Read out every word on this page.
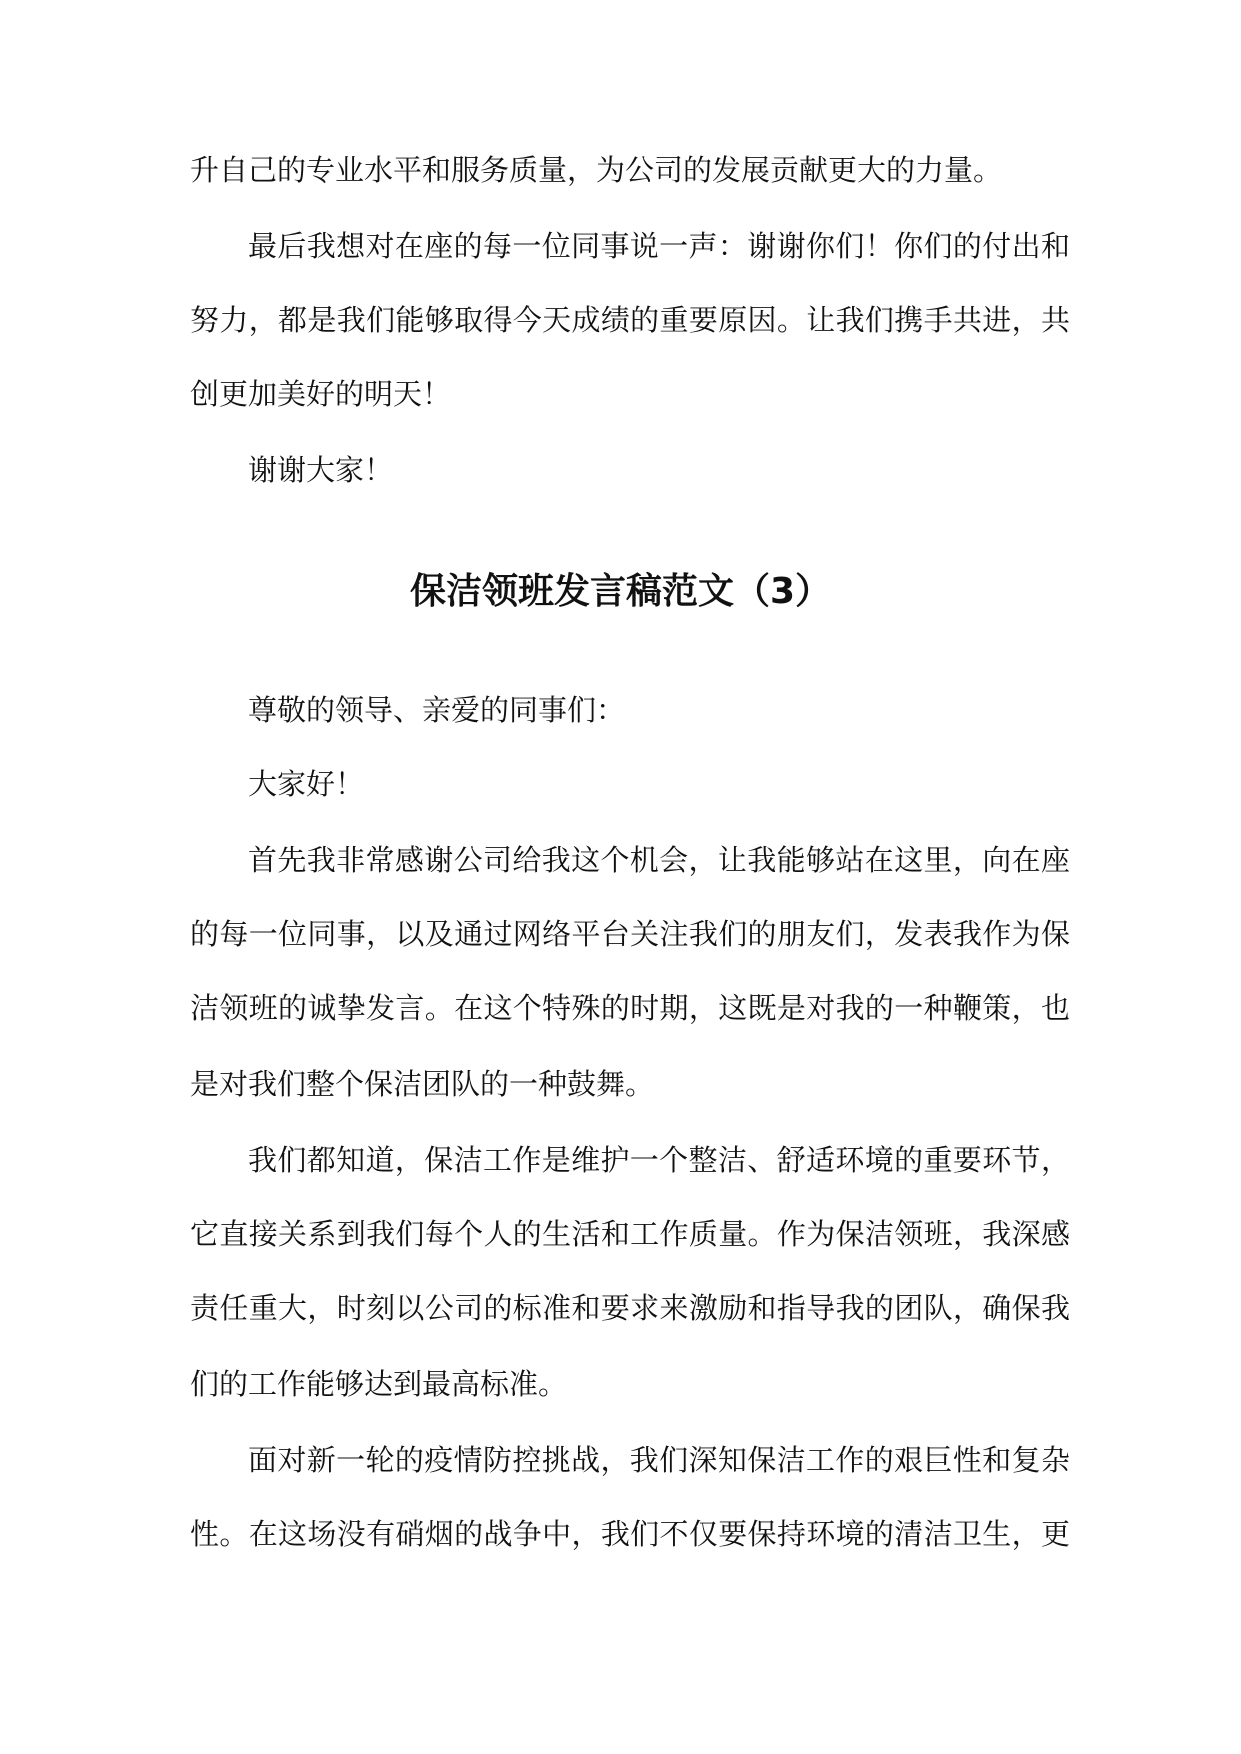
升自己的专业水平和服务质量，为公司的发展贡献更大的力量。
最后我想对在座的每一位同事说一声：谢谢你们！你们的付出和
努力，都是我们能够取得今天成绩的重要原因。让我们携手共进，共
创更加美好的明天！
谢谢大家！
保洁领班发言稿范文（3）
尊敬的领导、亲爱的同事们：
大家好！
首先我非常感谢公司给我这个机会，让我能够站在这里，向在座
的每一位同事，以及通过网络平台关注我们的朋友们，发表我作为保
洁领班的诚挚发言。在这个特殊的时期，这既是对我的一种鞭策，也
是对我们整个保洁团队的一种鼓舞。
我们都知道，保洁工作是维护一个整洁、舒适环境的重要环节，
它直接关系到我们每个人的生活和工作质量。作为保洁领班，我深感
责任重大，时刻以公司的标准和要求来激励和指导我的团队，确保我
们的工作能够达到最高标准。
面对新一轮的疫情防控挑战，我们深知保洁工作的艰巨性和复杂
性。在这场没有硝烟的战争中，我们不仅要保持环境的清洁卫生，更
